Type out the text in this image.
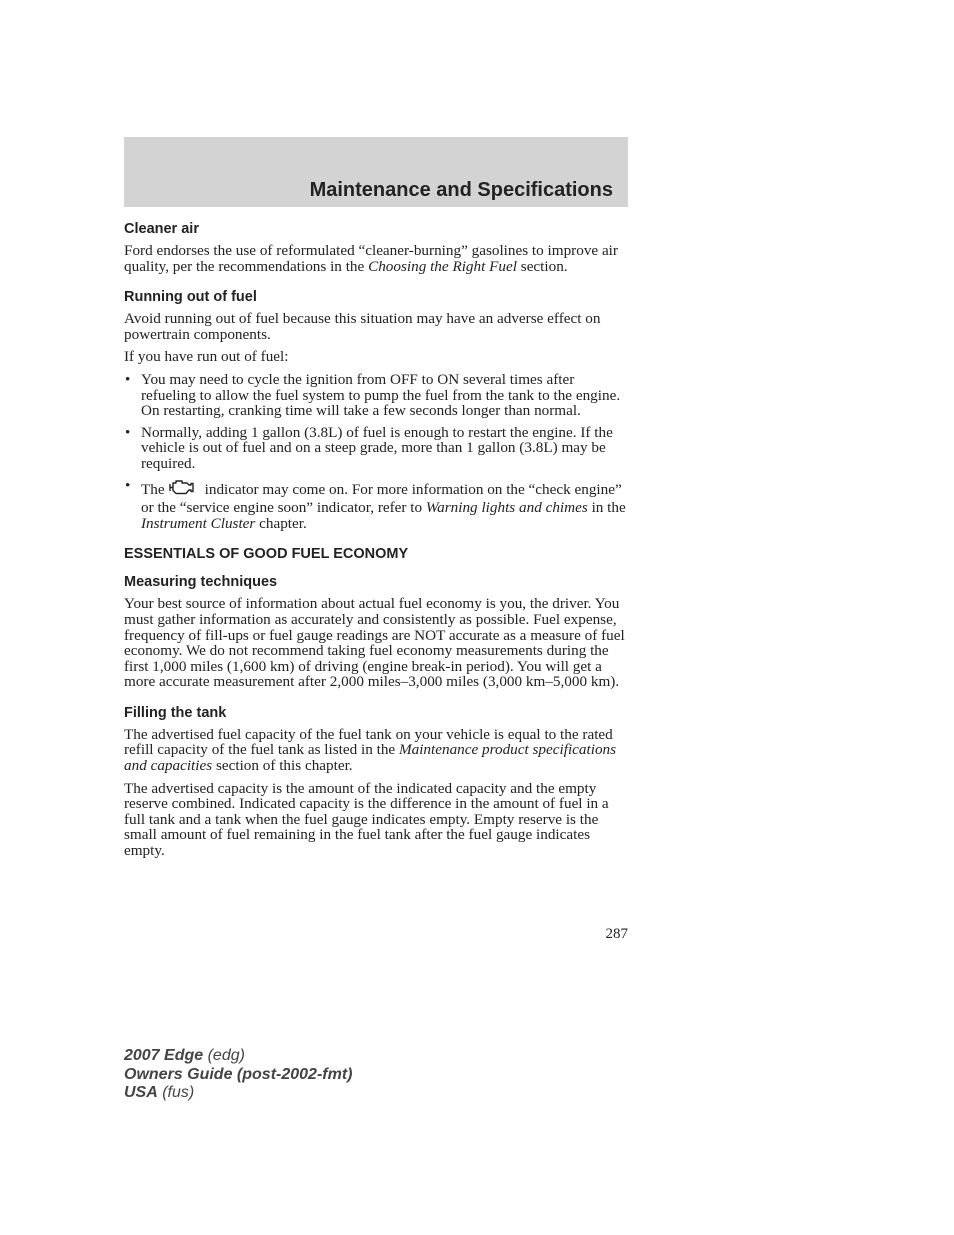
Maintenance and Specifications
Cleaner air

Ford endorses the use of reformulated “cleaner-burning” gasolines to improve air quality, per the recommendations in the Choosing the Right Fuel section.

Running out of fuel

Avoid running out of fuel because this situation may have an adverse effect on powertrain components.

If you have run out of fuel:

• You may need to cycle the ignition from OFF to ON several times after refueling to allow the fuel system to pump the fuel from the tank to the engine. On restarting, cranking time will take a few seconds longer than normal.
• Normally, adding 1 gallon (3.8L) of fuel is enough to restart the engine. If the vehicle is out of fuel and on a steep grade, more than 1 gallon (3.8L) may be required.
• The	indicator may come on. For more information on the “check engine” or the “service engine soon” indicator, refer to Warning lights and chimes in the Instrument Cluster chapter.
ESSENTIALS OF GOOD FUEL ECONOMY
Measuring techniques

Your best source of information about actual fuel economy is you, the driver. You must gather information as accurately and consistently as possible. Fuel expense, frequency of fill-ups or fuel gauge readings are NOT accurate as a measure of fuel economy. We do not recommend taking fuel economy measurements during the first 1,000 miles (1,600 km) of driving (engine break-in period). You will get a more accurate measurement after 2,000 miles–3,000 miles (3,000 km–5,000 km).

Filling the tank

The advertised fuel capacity of the fuel tank on your vehicle is equal to the rated refill capacity of the fuel tank as listed in the Maintenance product specifications and capacities section of this chapter.

The advertised capacity is the amount of the indicated capacity and the empty reserve combined. Indicated capacity is the difference in the amount of fuel in a full tank and a tank when the fuel gauge indicates empty. Empty reserve is the small amount of fuel remaining in the fuel tank after the fuel gauge indicates empty.

287
2007 Edge (edg)
Owners Guide (post-2002-fmt)
USA (fus)
